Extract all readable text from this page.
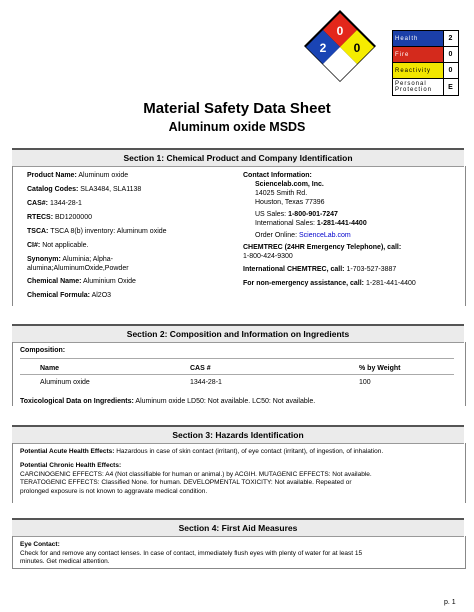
0
2 0
Health	2
Fire	0
Reactivity	0
Personal Protection	E
Material Safety Data Sheet
Aluminum oxide MSDS
Section 1: Chemical Product and Company Identification
Product Name: Aluminum oxide
Catalog Codes: SLA3484, SLA1138
CAS#: 1344-28-1
RTECS: BD1200000
TSCA: TSCA 8(b) inventory: Aluminum oxide
CI#: Not applicable.
Synonym: Aluminia; Alpha-
alumina;AluminumOxide,Powder
Chemical Name: Aluminium Oxide
Chemical Formula: Al2O3
Contact Information:
Sciencelab.com, Inc.
14025 Smith Rd.
Houston, Texas 77396
US Sales: 1-800-901-7247
International Sales: 1-281-441-4400
Order Online: ScienceLab.com
CHEMTREC (24HR Emergency Telephone), call:
1-800-424-9300
International CHEMTREC, call: 1-703-527-3887
For non-emergency assistance, call: 1-281-441-4400
Section 2: Composition and Information on Ingredients
Composition:
Name	CAS #	% by Weight
Aluminum oxide	1344-28-1	100
Toxicological Data on Ingredients: Aluminum oxide LD50: Not available. LC50: Not available.
Section 3: Hazards Identification
Potential Acute Health Effects: Hazardous in case of skin contact (irritant), of eye contact (irritant), of ingestion, of inhalation.
Potential Chronic Health Effects:
CARCINOGENIC EFFECTS: A4 (Not classifiable for human or animal.) by ACGIH. MUTAGENIC EFFECTS: Not available.
TERATOGENIC EFFECTS: Classified None. for human. DEVELOPMENTAL TOXICITY: Not available. Repeated or
prolonged exposure is not known to aggravate medical condition.
Section 4: First Aid Measures
Eye Contact:
Check for and remove any contact lenses. In case of contact, immediately flush eyes with plenty of water for at least 15
minutes. Get medical attention.
p. 1
